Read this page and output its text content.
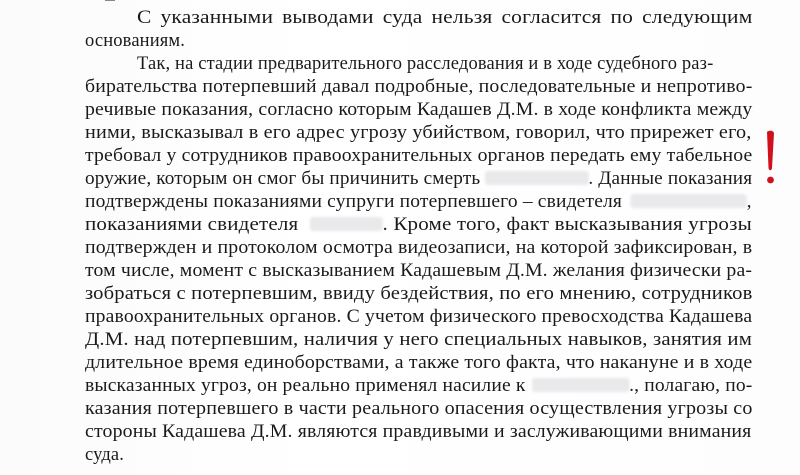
С указанными выводами суда нельзя согласится по следующим
основаниям.
Так, на стадии предварительного расследования и в ходе судебного раз-
бирательства потерпевший давал подробные, последовательные и непротиво-
речивые показания, согласно которым Кадашев Д.М. в ходе конфликта между
ними, высказывал в его адрес угрозу убийством, говорил, что прирежет его,
требовал у сотрудников правоохранительных органов передать ему табельное
оружие, которым он смог бы причинить смерть	. Данные показания
подтверждены показаниями супруги потерпевшего – свидетеля	,
показаниями свидетеля	. Кроме того, факт высказывания угрозы
подтвержден и протоколом осмотра видеозаписи, на которой зафиксирован, в
том числе, момент с высказыванием Кадашевым Д.М. желания физически ра-
зобраться с потерпевшим, ввиду бездействия, по его мнению, сотрудников
правоохранительных органов. С учетом физического превосходства Кадашева
Д.М. над потерпевшим, наличия у него специальных навыков, занятия им
длительное время единоборствами, а также того факта, что накануне и в ходе
высказанных угроз, он реально применял насилие к	., полагаю, по-
казания потерпевшего в части реального опасения осуществления угрозы со
стороны Кадашева Д.М. являются правдивыми и заслуживающими внимания
суда.
